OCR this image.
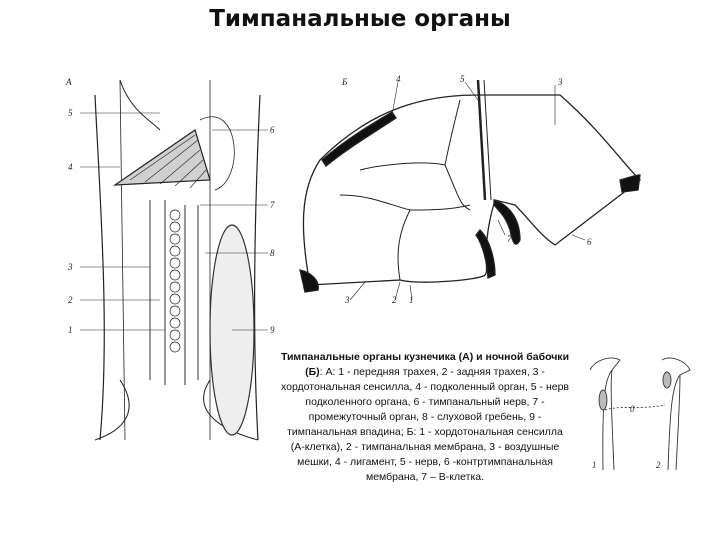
Тимпанальные органы
А
5
4
3
2
1
6
7
8
9
Б	4	5	3
3	2 1
7	6
1
0
2
Тимпанальные органы кузнечика (А) и ночной бабочки (Б): А: 1 - передняя трахея, 2 - задняя трахея, 3 - хордотональная сенсилла, 4 - подколенный орган, 5 - нерв подколенного органа, 6 - тимпанальный нерв, 7 - промежуточный орган, 8 - слуховой гребень, 9 - тимпанальная впадина; Б: 1 - хордотональная сенсилла (А-клетка), 2 - тимпанальная мембрана, 3 - воздушные мешки, 4 - лигамент, 5 - нерв, 6 -контртимпанальная мембрана, 7 – В-клетка.
